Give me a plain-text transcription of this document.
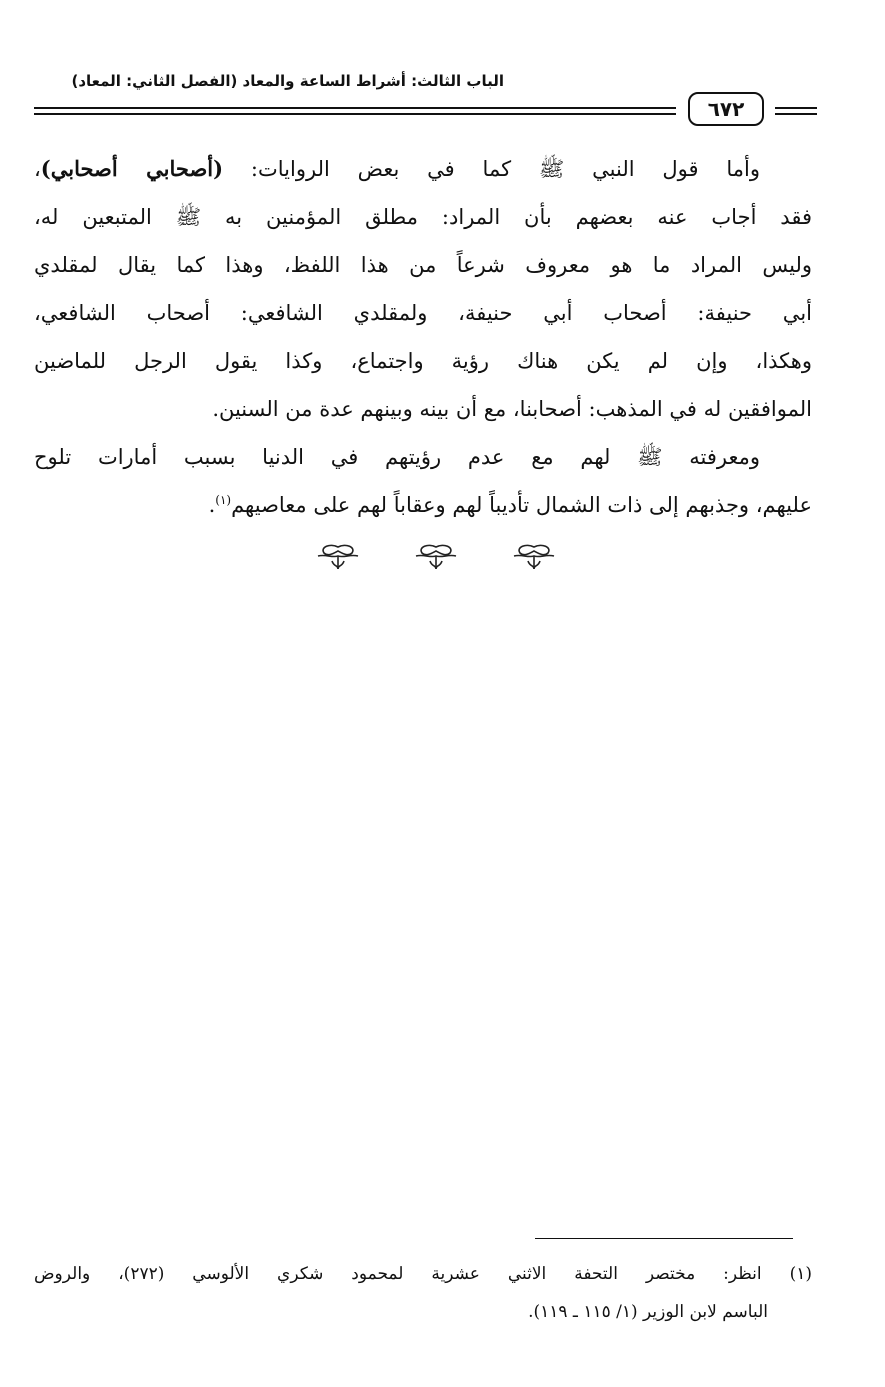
الباب الثالث: أشراط الساعة والمعاد (الفصل الثاني: المعاد)
٦٧٢
وأما قول النبي ﷺ كما في بعض الروايات: (أصحابي أصحابي)،
فقد أجاب عنه بعضهم بأن المراد: مطلق المؤمنين به ﷺ المتبعين له،
وليس المراد ما هو معروف شرعاً من هذا اللفظ، وهذا كما يقال لمقلدي
أبي حنيفة: أصحاب أبي حنيفة، ولمقلدي الشافعي: أصحاب الشافعي،
وهكذا، وإن لم يكن هناك رؤية واجتماع، وكذا يقول الرجل للماضين
الموافقين له في المذهب: أصحابنا، مع أن بينه وبينهم عدة من السنين.
ومعرفته ﷺ لهم مع عدم رؤيتهم في الدنيا بسبب أمارات تلوح
عليهم، وجذبهم إلى ذات الشمال تأديباً لهم وعقاباً لهم على معاصيهم$^{(١)}$.
(١) انظر: مختصر التحفة الاثني عشرية لمحمود شكري الألوسي (٢٧٢)، والروض
الباسم لابن الوزير (١/ ١١٥ ـ ١١٩).
